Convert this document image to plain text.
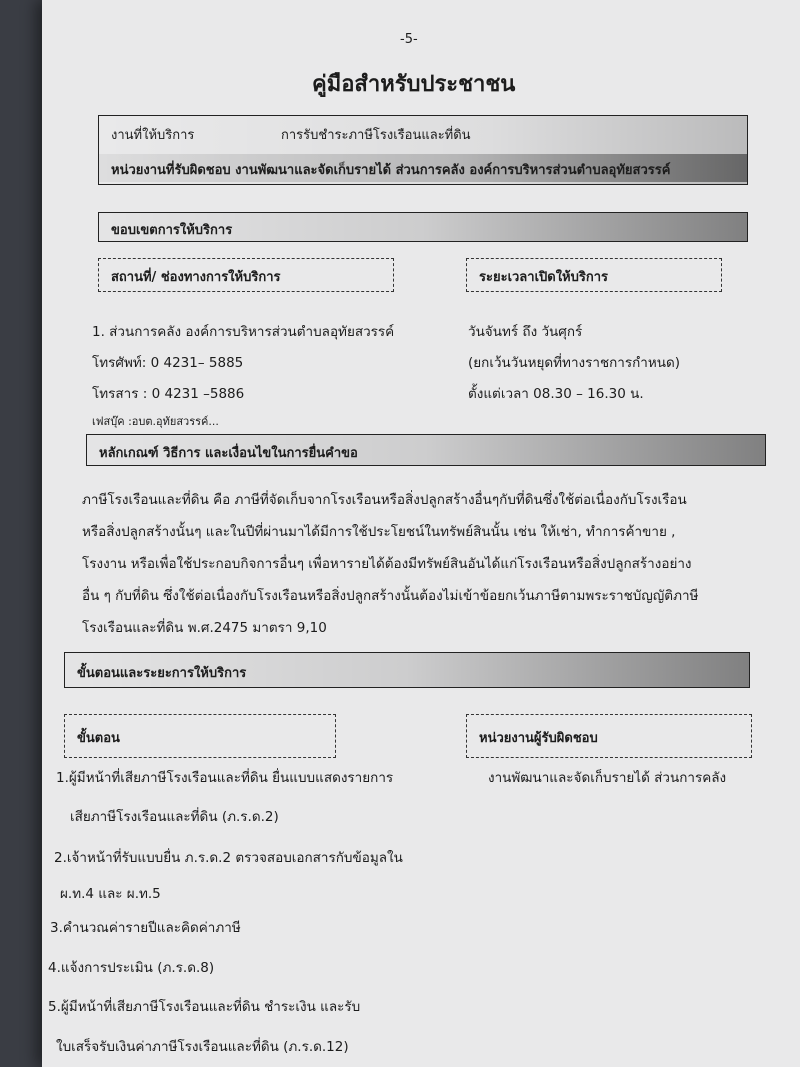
-5-
คู่มือสำหรับประชาชน
งานที่ให้บริการ	การรับชำระภาษีโรงเรือนและที่ดิน
หน่วยงานที่รับผิดชอบ งานพัฒนาและจัดเก็บรายได้ ส่วนการคลัง องค์การบริหารส่วนตำบลอุทัยสวรรค์
ขอบเขตการให้บริการ
สถานที่/ ช่องทางการให้บริการ	ระยะเวลาเปิดให้บริการ
1. ส่วนการคลัง องค์การบริหารส่วนตำบลอุทัยสวรรค์
โทรศัพท์: 0 4231– 5885
โทรสาร : 0 4231 –5886
เฟสบุ๊ค :อบต.อุทัยสวรรค์...
วันจันทร์ ถึง วันศุกร์
(ยกเว้นวันหยุดที่ทางราชการกำหนด)
ตั้งแต่เวลา 08.30 – 16.30 น.
หลักเกณฑ์ วิธีการ และเงื่อนไขในการยื่นคำขอ
ภาษีโรงเรือนและที่ดิน คือ ภาษีที่จัดเก็บจากโรงเรือนหรือสิ่งปลูกสร้างอื่นๆกับที่ดินซึ่งใช้ต่อเนื่องกับโรงเรือน
หรือสิ่งปลูกสร้างนั้นๆ และในปีที่ผ่านมาได้มีการใช้ประโยชน์ในทรัพย์สินนั้น เช่น ให้เช่า, ทำการค้าขาย ,
โรงงาน หรือเพื่อใช้ประกอบกิจการอื่นๆ เพื่อหารายได้ต้องมีทรัพย์สินอันได้แก่โรงเรือนหรือสิ่งปลูกสร้างอย่าง
อื่น ๆ กับที่ดิน ซึ่งใช้ต่อเนื่องกับโรงเรือนหรือสิ่งปลูกสร้างนั้นต้องไม่เข้าข้อยกเว้นภาษีตามพระราชบัญญัติภาษี
โรงเรือนและที่ดิน พ.ศ.2475 มาตรา 9,10
ขั้นตอนและระยะการให้บริการ
ขั้นตอน	หน่วยงานผู้รับผิดชอบ
1.ผู้มีหน้าที่เสียภาษีโรงเรือนและที่ดิน ยื่นแบบแสดงรายการ	งานพัฒนาและจัดเก็บรายได้ ส่วนการคลัง
เสียภาษีโรงเรือนและที่ดิน (ภ.ร.ด.2)
2.เจ้าหน้าที่รับแบบยื่น ภ.ร.ด.2 ตรวจสอบเอกสารกับข้อมูลใน
ผ.ท.4 และ ผ.ท.5
3.คำนวณค่ารายปีและคิดค่าภาษี
4.แจ้งการประเมิน (ภ.ร.ด.8)
5.ผู้มีหน้าที่เสียภาษีโรงเรือนและที่ดิน ชำระเงิน และรับ
ใบเสร็จรับเงินค่าภาษีโรงเรือนและที่ดิน (ภ.ร.ด.12)
